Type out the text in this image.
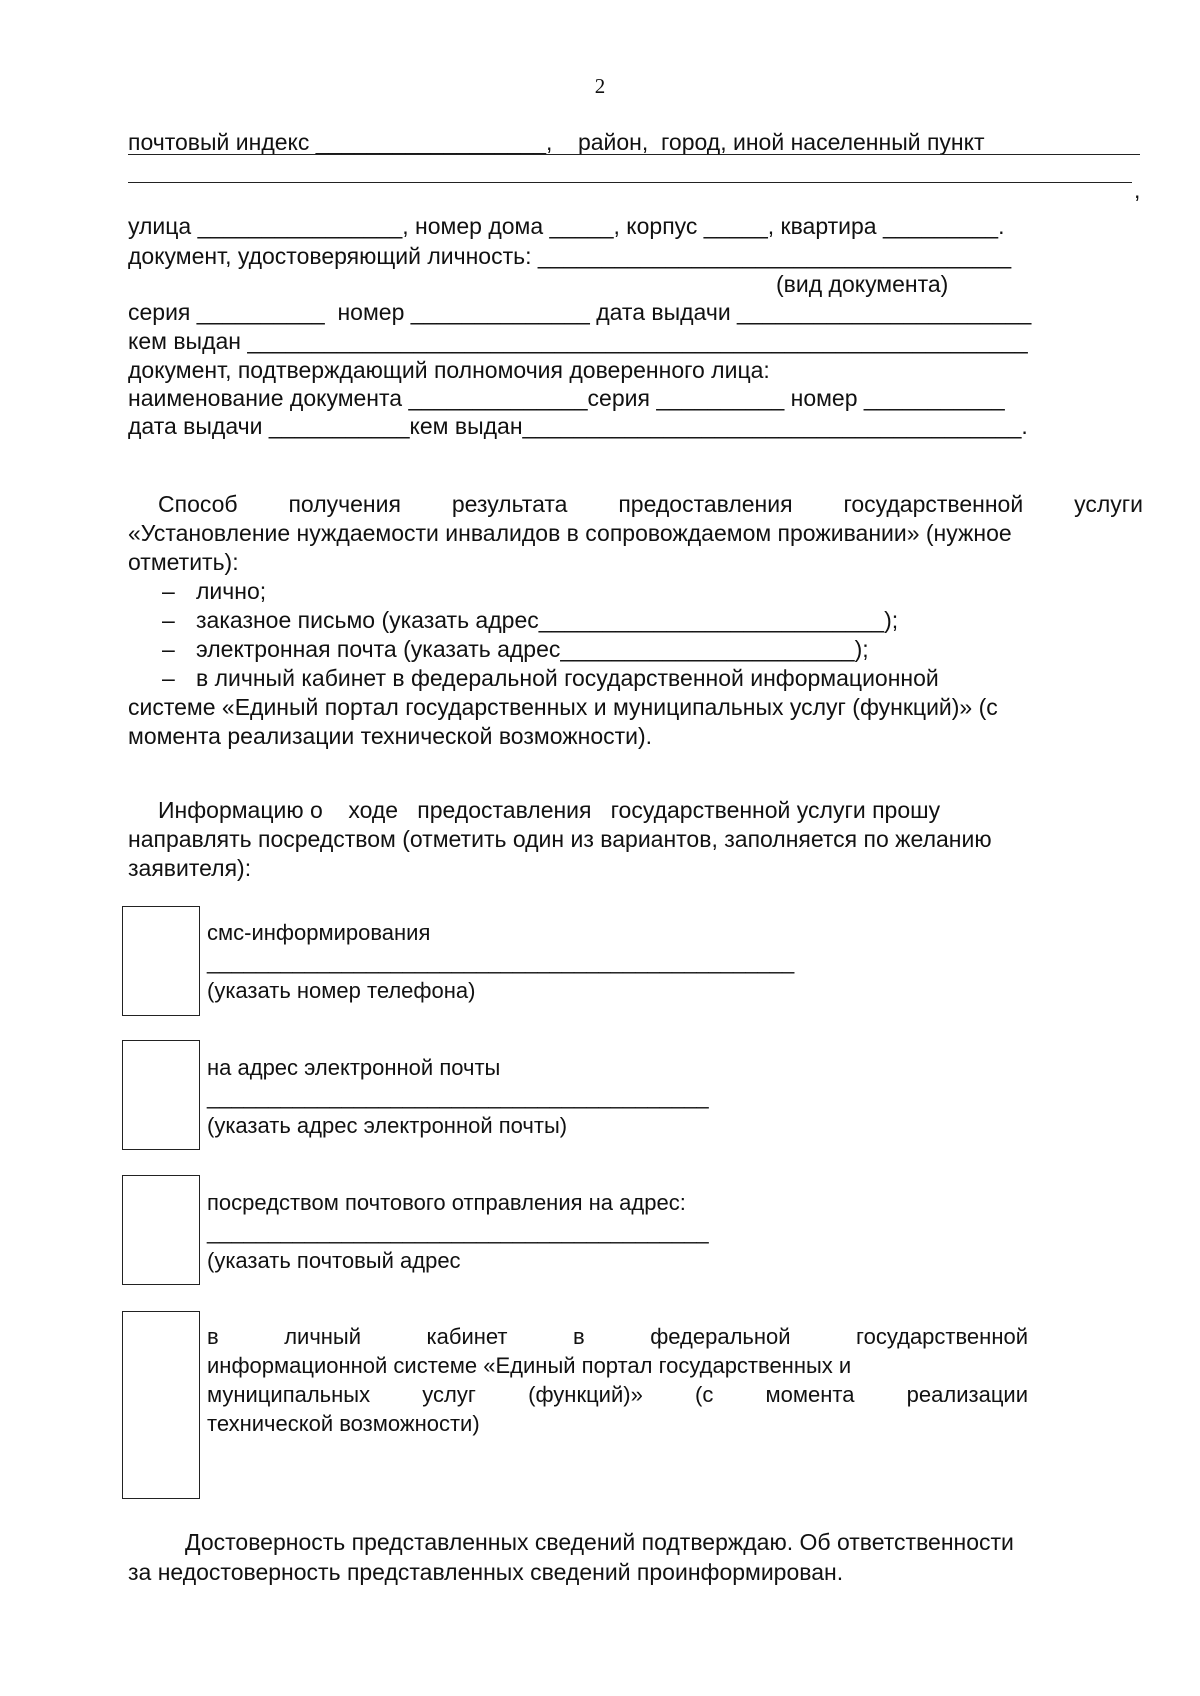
2
почтовый индекс __________________,    район,  город, иной населенный пункт
,
улица ________________, номер дома _____, корпус _____, квартира _________.
документ, удостоверяющий личность: _____________________________________
(вид документа)
серия __________  номер ______________ дата выдачи _______________________
кем выдан _____________________________________________________________
документ, подтверждающий полномочия доверенного лица:
наименование документа ______________серия __________ номер ___________
дата выдачи ___________кем выдан_______________________________________.
Способ получения результата предоставления государственной услуги
«Установление нуждаемости инвалидов в сопровождаемом проживании» (нужное
отметить):
– лично;
– заказное письмо (указать адрес___________________________);
– электронная почта (указать адрес_______________________);
– в личный кабинет в федеральной государственной информационной
системе «Единый портал государственных и муниципальных услуг (функций)» (с
момента реализации технической возможности).
Информацию о    ходе   предоставления   государственной услуги прошу
направлять посредством (отметить один из вариантов, заполняется по желанию
заявителя):
смс-информирования
________________________________________________
(указать номер телефона)
на адрес электронной почты
_________________________________________
(указать адрес электронной почты)
посредством почтового отправления на адрес:
_________________________________________
(указать почтовый адрес
в личный кабинет в федеральной государственной
информационной системе «Единый портал государственных и
муниципальных услуг (функций)» (с момента реализации
технической возможности)
Достоверность представленных сведений подтверждаю. Об ответственности
за недостоверность представленных сведений проинформирован.
